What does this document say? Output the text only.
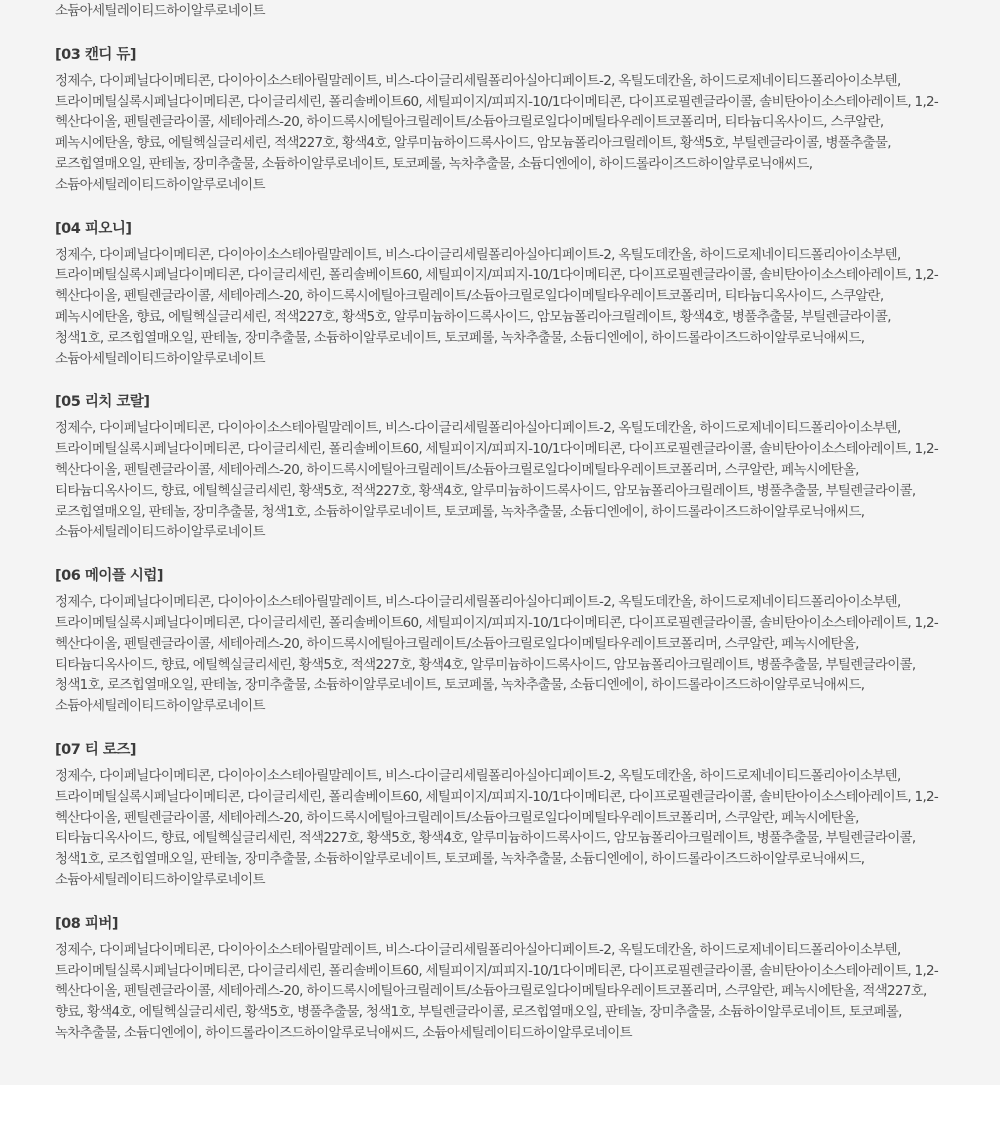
소듐아세틸레이티드하이알루로네이트

[03 캔디 듀]

정제수, 다이페닐다이메티콘, 다이아이소스테아릴말레이트, 비스-다이글리세릴폴리아실아디페이트-2, 옥틸도데칸올, 하이드로제네이티드폴리아이소부텐, 트라이메틸실록시페닐다이메티콘, 다이글리세린, 폴리솔베이트60, 세틸피이지/피피지-10/1다이메티콘, 다이프로필렌글라이콜, 솔비탄아이소스테아레이트, 1,2-헥산다이올, 펜틸렌글라이콜, 세테아레스-20, 하이드록시에틸아크릴레이트/소듐아크릴로일다이메틸타우레이트코폴리머, 티타늄디옥사이드, 스쿠알란, 페녹시에탄올, 향료, 에틸헥실글리세린, 적색227호, 황색4호, 알루미늄하이드록사이드, 암모늄폴리아크릴레이트, 황색5호, 부틸렌글라이콜, 병풀추출물, 로즈힙열매오일, 판테놀, 장미추출물, 소듐하이알루로네이트, 토코페롤, 녹차추출물, 소듐디엔에이, 하이드롤라이즈드하이알루로닉애씨드, 소듐아세틸레이티드하이알루로네이트

[04 피오니]

정제수, 다이페닐다이메티콘, 다이아이소스테아릴말레이트, 비스-다이글리세릴폴리아실아디페이트-2, 옥틸도데칸올, 하이드로제네이티드폴리아이소부텐, 트라이메틸실록시페닐다이메티콘, 다이글리세린, 폴리솔베이트60, 세틸피이지/피피지-10/1다이메티콘, 다이프로필렌글라이콜, 솔비탄아이소스테아레이트, 1,2-헥산다이올, 펜틸렌글라이콜, 세테아레스-20, 하이드록시에틸아크릴레이트/소듐아크릴로일다이메틸타우레이트코폴리머, 티타늄디옥사이드, 스쿠알란, 페녹시에탄올, 향료, 에틸헥실글리세린, 적색227호, 황색5호, 알루미늄하이드록사이드, 암모늄폴리아크릴레이트, 황색4호, 병풀추출물, 부틸렌글라이콜, 청색1호, 로즈힙열매오일, 판테놀, 장미추출물, 소듐하이알루로네이트, 토코페롤, 녹차추출물, 소듐디엔에이, 하이드롤라이즈드하이알루로닉애씨드, 소듐아세틸레이티드하이알루로네이트

[05 리치 코랄]

정제수, 다이페닐다이메티콘, 다이아이소스테아릴말레이트, 비스-다이글리세릴폴리아실아디페이트-2, 옥틸도데칸올, 하이드로제네이티드폴리아이소부텐, 트라이메틸실록시페닐다이메티콘, 다이글리세린, 폴리솔베이트60, 세틸피이지/피피지-10/1다이메티콘, 다이프로필렌글라이콜, 솔비탄아이소스테아레이트, 1,2-헥산다이올, 펜틸렌글라이콜, 세테아레스-20, 하이드록시에틸아크릴레이트/소듐아크릴로일다이메틸타우레이트코폴리머, 스쿠알란, 페녹시에탄올, 티타늄디옥사이드, 향료, 에틸헥실글리세린, 황색5호, 적색227호, 황색4호, 알루미늄하이드록사이드, 암모늄폴리아크릴레이트, 병풀추출물, 부틸렌글라이콜, 로즈힙열매오일, 판테놀, 장미추출물, 청색1호, 소듐하이알루로네이트, 토코페롤, 녹차추출물, 소듐디엔에이, 하이드롤라이즈드하이알루로닉애씨드, 소듐아세틸레이티드하이알루로네이트

[06 메이플 시럽]

정제수, 다이페닐다이메티콘, 다이아이소스테아릴말레이트, 비스-다이글리세릴폴리아실아디페이트-2, 옥틸도데칸올, 하이드로제네이티드폴리아이소부텐, 트라이메틸실록시페닐다이메티콘, 다이글리세린, 폴리솔베이트60, 세틸피이지/피피지-10/1다이메티콘, 다이프로필렌글라이콜, 솔비탄아이소스테아레이트, 1,2-헥산다이올, 펜틸렌글라이콜, 세테아레스-20, 하이드록시에틸아크릴레이트/소듐아크릴로일다이메틸타우레이트코폴리머, 스쿠알란, 페녹시에탄올, 티타늄디옥사이드, 향료, 에틸헥실글리세린, 황색5호, 적색227호, 황색4호, 알루미늄하이드록사이드, 암모늄폴리아크릴레이트, 병풀추출물, 부틸렌글라이콜, 청색1호, 로즈힙열매오일, 판테놀, 장미추출물, 소듐하이알루로네이트, 토코페롤, 녹차추출물, 소듐디엔에이, 하이드롤라이즈드하이알루로닉애씨드, 소듐아세틸레이티드하이알루로네이트

[07 티 로즈]

정제수, 다이페닐다이메티콘, 다이아이소스테아릴말레이트, 비스-다이글리세릴폴리아실아디페이트-2, 옥틸도데칸올, 하이드로제네이티드폴리아이소부텐, 트라이메틸실록시페닐다이메티콘, 다이글리세린, 폴리솔베이트60, 세틸피이지/피피지-10/1다이메티콘, 다이프로필렌글라이콜, 솔비탄아이소스테아레이트, 1,2-헥산다이올, 펜틸렌글라이콜, 세테아레스-20, 하이드록시에틸아크릴레이트/소듐아크릴로일다이메틸타우레이트코폴리머, 스쿠알란, 페녹시에탄올, 티타늄디옥사이드, 향료, 에틸헥실글리세린, 적색227호, 황색5호, 황색4호, 알루미늄하이드록사이드, 암모늄폴리아크릴레이트, 병풀추출물, 부틸렌글라이콜, 청색1호, 로즈힙열매오일, 판테놀, 장미추출물, 소듐하이알루로네이트, 토코페롤, 녹차추출물, 소듐디엔에이, 하이드롤라이즈드하이알루로닉애씨드, 소듐아세틸레이티드하이알루로네이트

[08 피버]

정제수, 다이페닐다이메티콘, 다이아이소스테아릴말레이트, 비스-다이글리세릴폴리아실아디페이트-2, 옥틸도데칸올, 하이드로제네이티드폴리아이소부텐, 트라이메틸실록시페닐다이메티콘, 다이글리세린, 폴리솔베이트60, 세틸피이지/피피지-10/1다이메티콘, 다이프로필렌글라이콜, 솔비탄아이소스테아레이트, 1,2-헥산다이올, 펜틸렌글라이콜, 세테아레스-20, 하이드록시에틸아크릴레이트/소듐아크릴로일다이메틸타우레이트코폴리머, 스쿠알란, 페녹시에탄올, 적색227호, 향료, 황색4호, 에틸헥실글리세린, 황색5호, 병풀추출물, 청색1호, 부틸렌글라이콜, 로즈힙열매오일, 판테놀, 장미추출물, 소듐하이알루로네이트, 토코페롤, 녹차추출물, 소듐디엔에이, 하이드롤라이즈드하이알루로닉애씨드, 소듐아세틸레이티드하이알루로네이트
